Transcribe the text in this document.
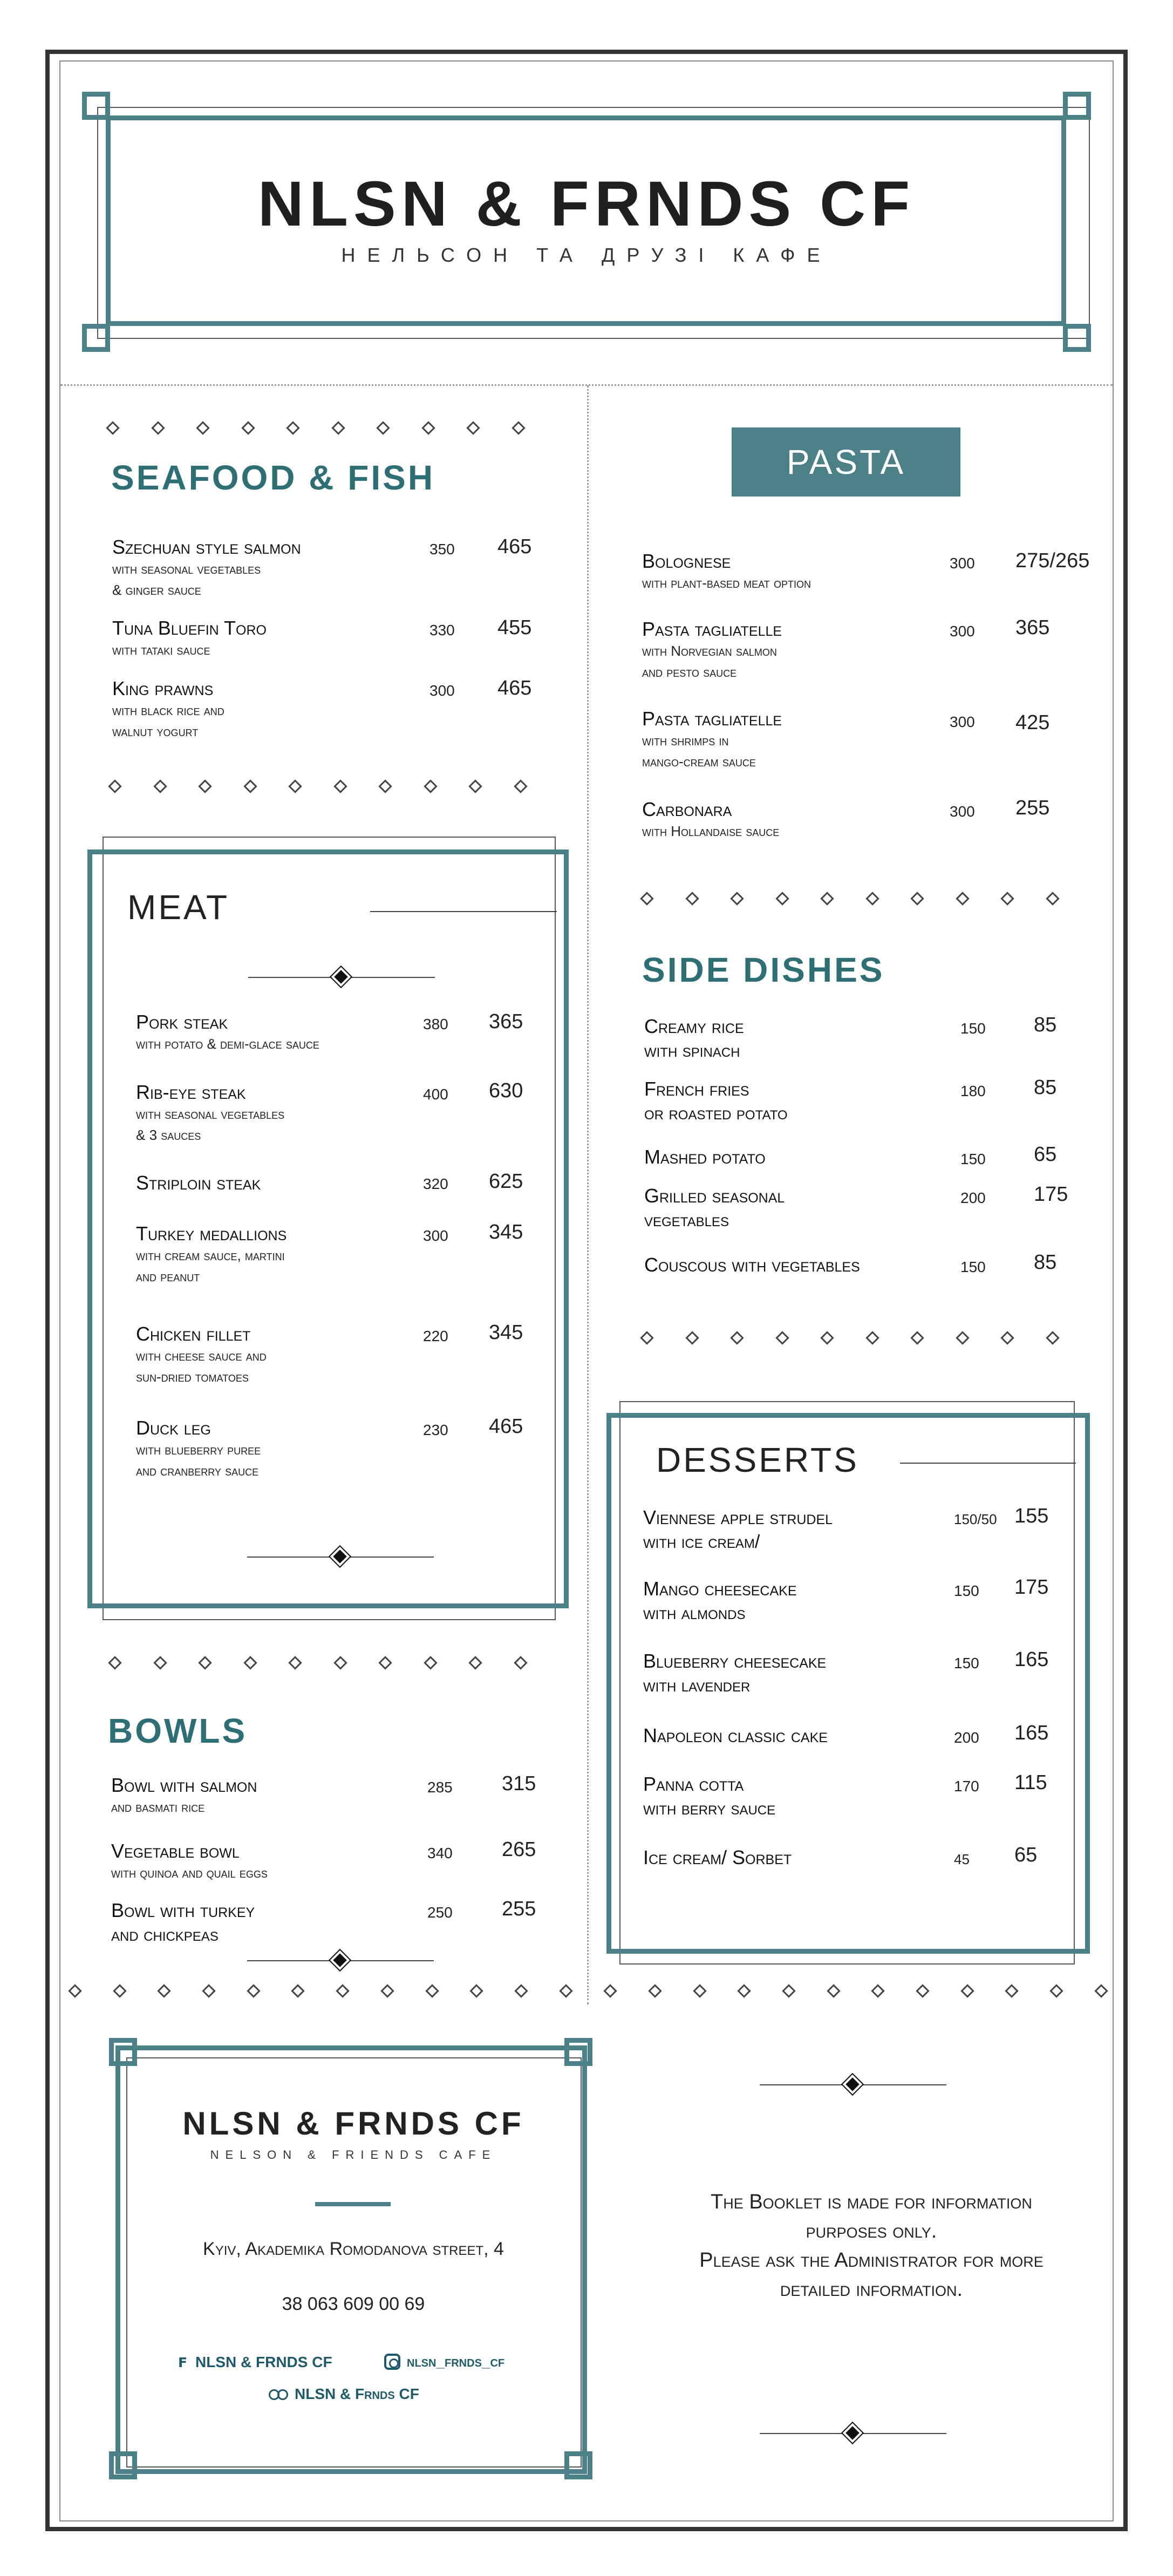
NLSN & FRNDS CF
НЕЛЬСОН ТА ДРУЗІ КАФЕ
SEAFOOD & FISH
Szechuan style salmon
with seasonal vegetables
& ginger sauce
350 465
Tuna Bluefin Toro
with tataki sauce
330 455
King prawns
with black rice and
walnut yogurt
300 465
MEAT
Pork steak
with potato & demi-glace sauce
380 365
Rib-eye steak
with seasonal vegetables
& 3 sauces
400 630
Striploin steak	320 625
Turkey medallions
with cream sauce, martini
and peanut
300 345
Chicken fillet
with cheese sauce and
sun-dried tomatoes
220 345
Duck leg
with blueberry puree
and cranberry sauce
230 465
BOWLS
Bowl with salmon
and basmati rice
285 315
Vegetable bowl
with quinoa and quail eggs
340 265
Bowl with turkey
and chickpeas
250 255
PASTA
Bolognese
with plant-based meat option
300 275/265
Pasta tagliatelle
with Norvegian salmon
and pesto sauce
300 365
Pasta tagliatelle
with shrimps in
mango-cream sauce
300 425
Carbonara
with Hollandaise sauce
300 255
SIDE DISHES
Creamy rice
with spinach
150 85
French fries
or roasted potato
180 85
Mashed potato	150 65
Grilled seasonal
vegetables
200 175
Couscous with vegetables	150 85
DESSERTS
Viennese apple strudel
with ice cream/
150/50 155
Mango cheesecake
with almonds
150 175
Blueberry cheesecake
with lavender
150 165
Napoleon classic cake	200 165
Panna cotta
with berry sauce
170 115
Ice cream/ Sorbet	45 65
NLSN & FRNDS CF
NELSON & FRIENDS CAFE
Kyiv, Akademika Romodanova street, 4
38 063 609 00 69
f
NLSN & FRNDS CF	nlsn_frnds_cf
NLSN & Frnds CF
The Booklet is made for information
purposes only.
Please ask the Administrator for more
detailed information.
